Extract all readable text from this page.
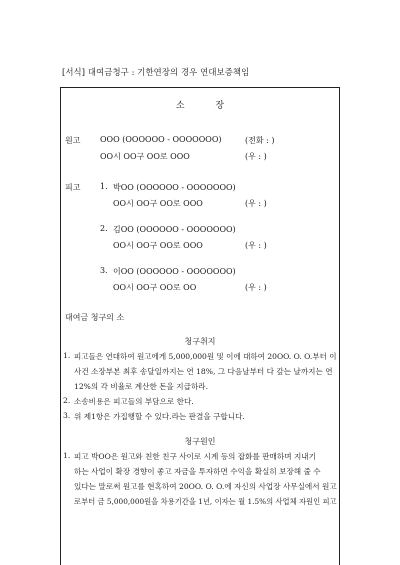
[서식] 대여금청구 : 기한연장의 경우 연대보증책임
소 장
원고 OOO (OOOOOO - OOOOOOO)	(전화 : )
OO시 OO구 OO로 OOO	(우 : )
피고 1. 박OO (OOOOOO - OOOOOOO)
OO시 OO구 OO로 OOO	(우 : )
2. 김OO (OOOOOO - OOOOOOO)
OO시 OO구 OO로 OOO	(우 : )
3. 이OO (OOOOOO - OOOOOOO)
OO시 OO구 OO로 OO	(우 : )
대여금 청구의 소
청구취지
1. 피고들은 연대하여 원고에게 5,000,000원 및 이에 대하여 20OO. O. O.부터 이
사건 소장부본 최후 송달일까지는 연 18%, 그 다음날부터 다 갚는 날까지는 연
12%의 각 비율로 계산한 돈을 지급하라.
2. 소송비용은 피고들의 부담으로 한다.
3. 위 제1항은 가집행할 수 있다.라는 판결을 구합니다.
청구원인
1. 피고 박OO은 원고와 친한 친구 사이로 시계 등의 잡화를 판매하며 지내기
하는 사업이 확장 경향이 좋고 자금을 투자하면 수익을 확실히 보장해 줄 수
있다는 말로써 원고를 현혹하여 20OO. O. O.에 자신의 사업장 사무실에서 원고
로부터 금 5,000,000원을 차용기간을 1년, 이자는 월 1.5%의 사업체 자원인 피고
